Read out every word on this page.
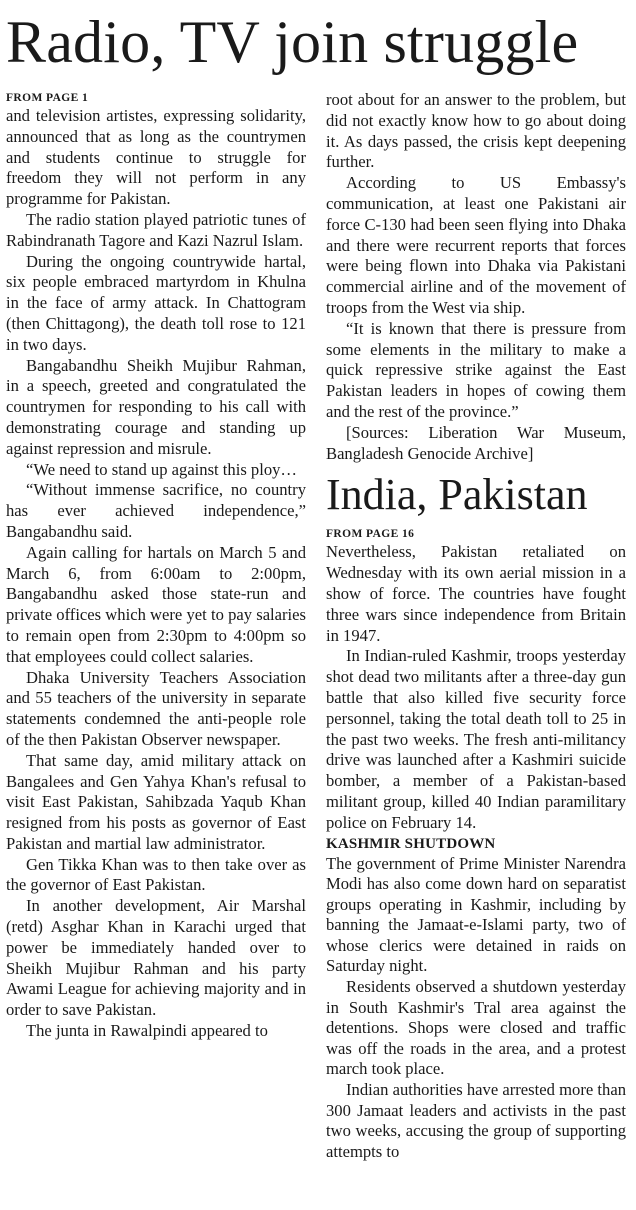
Radio, TV join struggle
FROM PAGE 1

and television artistes, expressing solidarity, announced that as long as the countrymen and students continue to struggle for freedom they will not perform in any programme for Pakistan.

The radio station played patriotic tunes of Rabindranath Tagore and Kazi Nazrul Islam.

During the ongoing countrywide hartal, six people embraced martyrdom in Khulna in the face of army attack. In Chattogram (then Chittagong), the death toll rose to 121 in two days.

Bangabandhu Sheikh Mujibur Rahman, in a speech, greeted and congratulated the countrymen for responding to his call with demonstrating courage and standing up against repression and misrule.

“We need to stand up against this ploy…

“Without immense sacrifice, no country has ever achieved independence,” Bangabandhu said.

Again calling for hartals on March 5 and March 6, from 6:00am to 2:00pm, Bangabandhu asked those state-run and private offices which were yet to pay salaries to remain open from 2:30pm to 4:00pm so that employees could collect salaries.

Dhaka University Teachers Association and 55 teachers of the university in separate statements condemned the anti-people role of the then Pakistan Observer newspaper.

That same day, amid military attack on Bangalees and Gen Yahya Khan's refusal to visit East Pakistan, Sahibzada Yaqub Khan resigned from his posts as governor of East Pakistan and martial law administrator.

Gen Tikka Khan was to then take over as the governor of East Pakistan.

In another development, Air Marshal (retd) Asghar Khan in Karachi urged that power be immediately handed over to Sheikh Mujibur Rahman and his party Awami League for achieving majority and in order to save Pakistan.

The junta in Rawalpindi appeared to

root about for an answer to the problem, but did not exactly know how to go about doing it. As days passed, the crisis kept deepening further.

According to US Embassy's communication, at least one Pakistani air force C-130 had been seen flying into Dhaka and there were recurrent reports that forces were being flown into Dhaka via Pakistani commercial airline and of the movement of troops from the West via ship.

“It is known that there is pressure from some elements in the military to make a quick repressive strike against the East Pakistan leaders in hopes of cowing them and the rest of the province.”

[Sources: Liberation War Museum, Bangladesh Genocide Archive]

India, Pakistan
FROM PAGE 16

Nevertheless, Pakistan retaliated on Wednesday with its own aerial mission in a show of force. The countries have fought three wars since independence from Britain in 1947.

In Indian-ruled Kashmir, troops yesterday shot dead two militants after a three-day gun battle that also killed five security force personnel, taking the total death toll to 25 in the past two weeks. The fresh anti-militancy drive was launched after a Kashmiri suicide bomber, a member of a Pakistan-based militant group, killed 40 Indian paramilitary police on February 14.

KASHMIR SHUTDOWN

The government of Prime Minister Narendra Modi has also come down hard on separatist groups operating in Kashmir, including by banning the Jamaat-e-Islami party, two of whose clerics were detained in raids on Saturday night.

Residents observed a shutdown yesterday in South Kashmir's Tral area against the detentions. Shops were closed and traffic was off the roads in the area, and a protest march took place.

Indian authorities have arrested more than 300 Jamaat leaders and activists in the past two weeks, accusing the group of supporting attempts to
